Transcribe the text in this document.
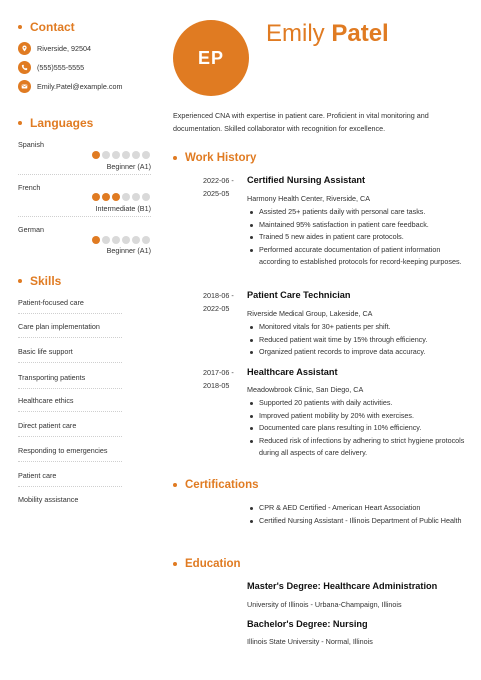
Contact
Riverside, 92504
(555)555-5555
Emily.Patel@example.com
Languages
Spanish
Beginner (A1)
French
Intermediate (B1)
German
Beginner (A1)
Skills
Patient-focused care
Care plan implementation
Basic life support
Transporting patients
Healthcare ethics
Direct patient care
Responding to emergencies
Patient care
Mobility assistance
EP
Emily Patel

Experienced CNA with expertise in patient care. Proficient in vital monitoring and documentation. Skilled collaborator with recognition for excellence.

Work History
2022-06 -
2025-05
Certified Nursing Assistant
Harmony Health Center, Riverside, CA
Assisted 25+ patients daily with personal care tasks.
Maintained 95% satisfaction in patient care feedback.
Trained 5 new aides in patient care protocols.
Performed accurate documentation of patient information according to established protocols for record-keeping purposes.
2018-06 -
2022-05
Patient Care Technician
Riverside Medical Group, Lakeside, CA
Monitored vitals for 30+ patients per shift.
Reduced patient wait time by 15% through efficiency.
Organized patient records to improve data accuracy.
2017-06 -
2018-05
Healthcare Assistant
Meadowbrook Clinic, San Diego, CA
Supported 20 patients with daily activities.
Improved patient mobility by 20% with exercises.
Documented care plans resulting in 10% efficiency.
Reduced risk of infections by adhering to strict hygiene protocols during all aspects of care delivery.
Certifications
CPR & AED Certified - American Heart Association
Certified Nursing Assistant - Illinois Department of Public Health
Education
Master's Degree: Healthcare Administration
University of Illinois - Urbana-Champaign, Illinois
Bachelor's Degree: Nursing
Illinois State University - Normal, Illinois
